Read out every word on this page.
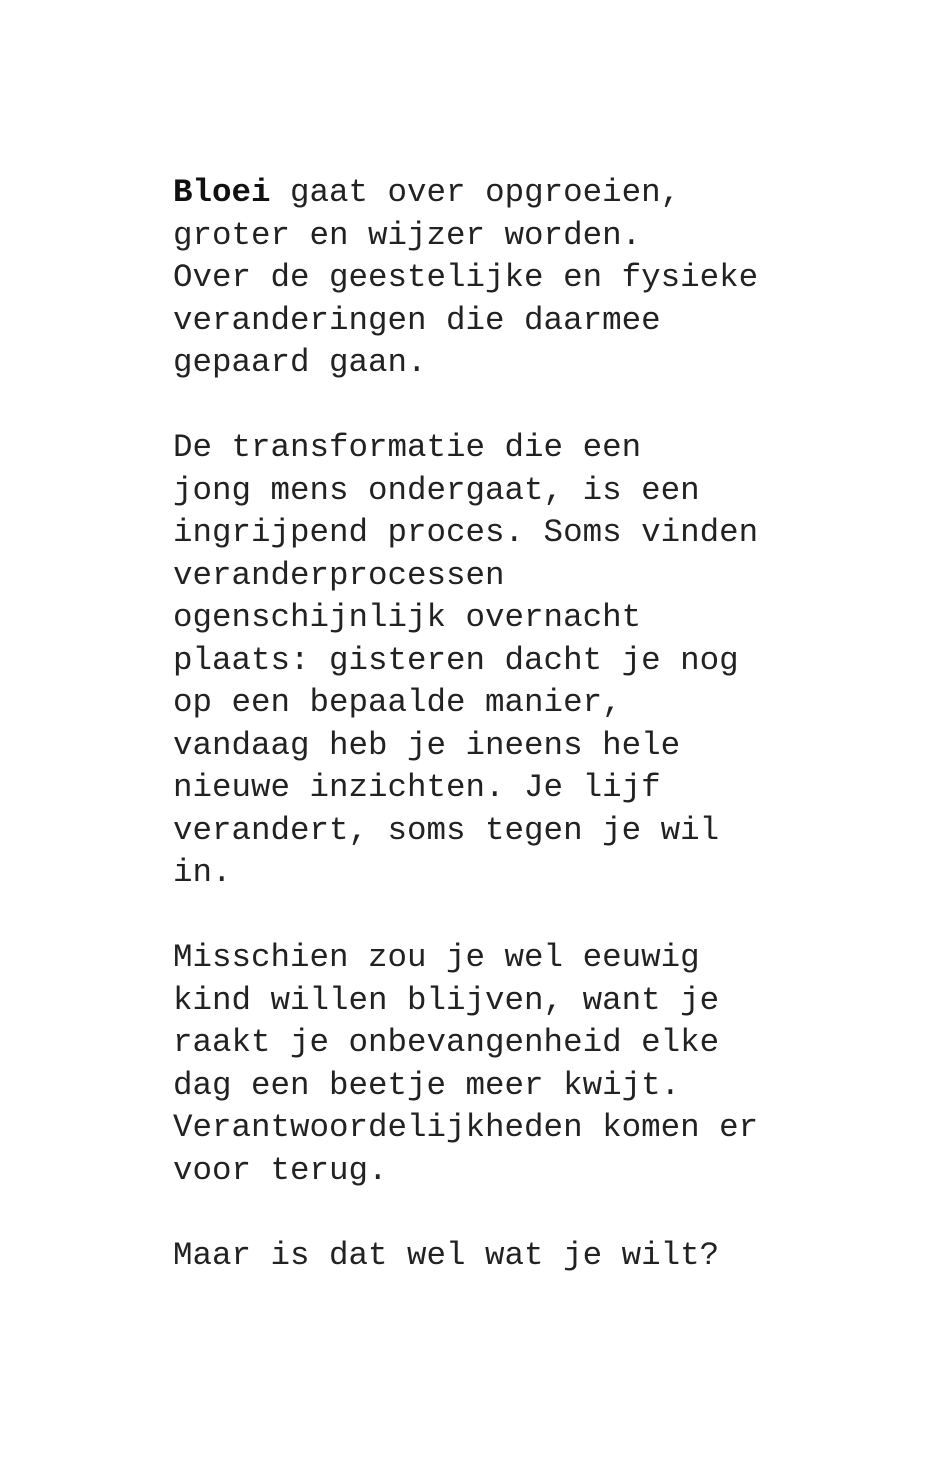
Bloei gaat over opgroeien,
groter en wijzer worden.
Over de geestelijke en fysieke
veranderingen die daarmee
gepaard gaan.
De transformatie die een
jong mens ondergaat, is een
ingrijpend proces. Soms vinden
veranderprocessen
ogenschijnlijk overnacht
plaats: gisteren dacht je nog
op een bepaalde manier,
vandaag heb je ineens hele
nieuwe inzichten. Je lijf
verandert, soms tegen je wil
in.
Misschien zou je wel eeuwig
kind willen blijven, want je
raakt je onbevangenheid elke
dag een beetje meer kwijt.
Verantwoordelijkheden komen er
voor terug.
Maar is dat wel wat je wilt?
